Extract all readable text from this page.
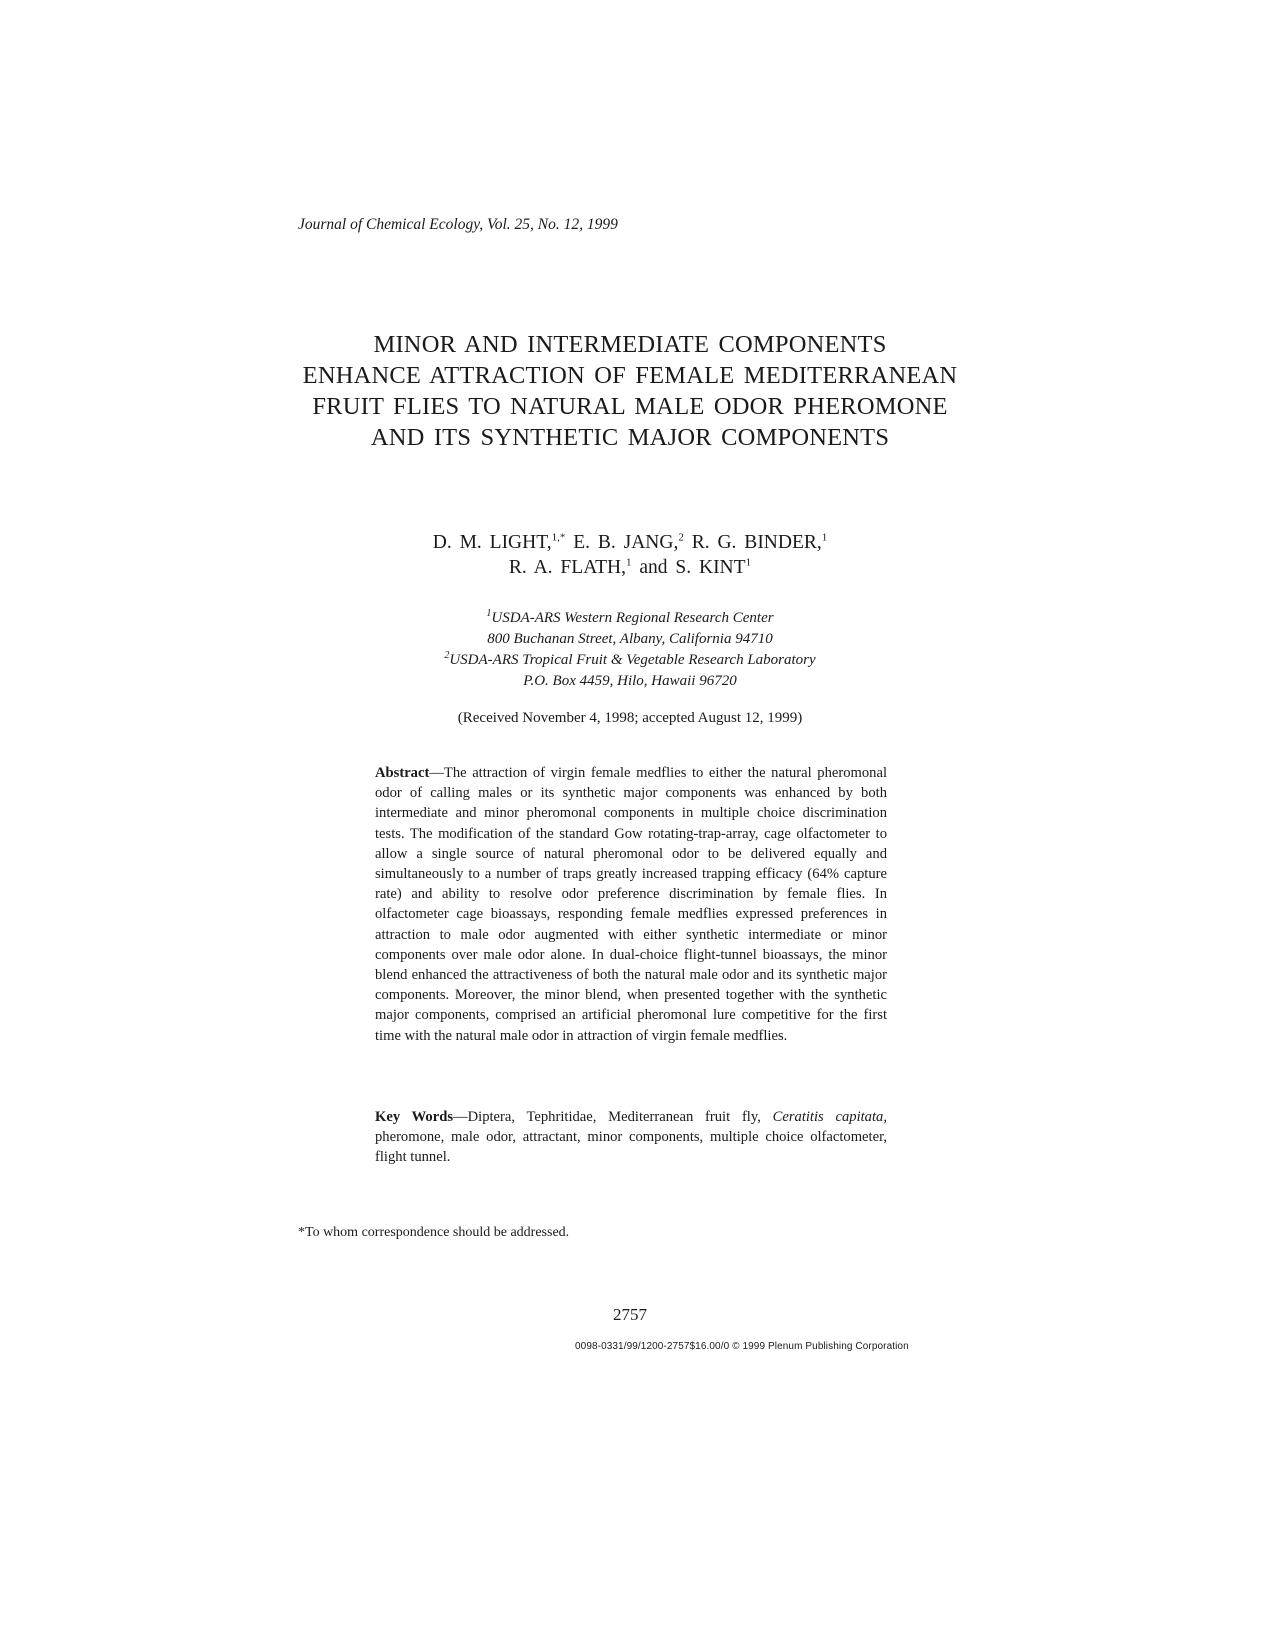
Journal of Chemical Ecology, Vol. 25, No. 12, 1999
MINOR AND INTERMEDIATE COMPONENTS
ENHANCE ATTRACTION OF FEMALE MEDITERRANEAN
FRUIT FLIES TO NATURAL MALE ODOR PHEROMONE
AND ITS SYNTHETIC MAJOR COMPONENTS
D. M. LIGHT,$^{1,*}$ E. B. JANG,$^2$ R. G. BINDER,$^1$
R. A. FLATH,$^1$ and S. KINT$^1$
$^1$USDA-ARS Western Regional Research Center
800 Buchanan Street, Albany, California 94710
$^2$USDA-ARS Tropical Fruit & Vegetable Research Laboratory
P.O. Box 4459, Hilo, Hawaii 96720
(Received November 4, 1998; accepted August 12, 1999)
Abstract—The attraction of virgin female medflies to either the natural pheromonal odor of calling males or its synthetic major components was enhanced by both intermediate and minor pheromonal components in multiple choice discrimination tests. The modification of the standard Gow rotating-trap-array, cage olfactometer to allow a single source of natural pheromonal odor to be delivered equally and simultaneously to a number of traps greatly increased trapping efficacy (64% capture rate) and ability to resolve odor preference discrimination by female flies. In olfactometer cage bioassays, responding female medflies expressed preferences in attraction to male odor augmented with either synthetic intermediate or minor components over male odor alone. In dual-choice flight-tunnel bioassays, the minor blend enhanced the attractiveness of both the natural male odor and its synthetic major components. Moreover, the minor blend, when presented together with the synthetic major components, comprised an artificial pheromonal lure competitive for the first time with the natural male odor in attraction of virgin female medflies.
Key Words—Diptera, Tephritidae, Mediterranean fruit fly, Ceratitis capitata, pheromone, male odor, attractant, minor components, multiple choice olfactometer, flight tunnel.
*To whom correspondence should be addressed.
2757
0098-0331/99/1200-2757$16.00/0 © 1999 Plenum Publishing Corporation
